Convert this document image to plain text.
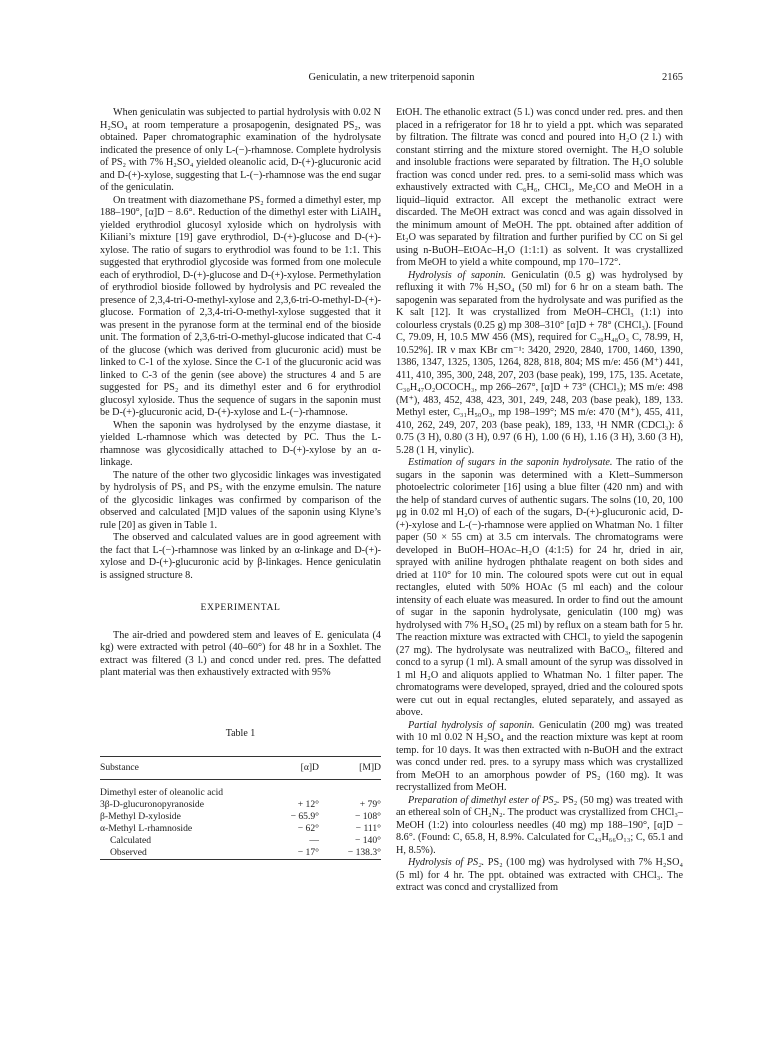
Geniculatin, a new triterpenoid saponin	2165

When geniculatin was subjected to partial hydrolysis with 0.02 N H₂SO₄ at room temperature a prosapogenin, designated PS₂, was obtained. Paper chromatographic examination of the hydrolysate indicated the presence of only L-(−)-rhamnose. Complete hydrolysis of PS₂ with 7% H₂SO₄ yielded oleanolic acid, D-(+)-glucuronic acid and D-(+)-xylose, suggesting that L-(−)-rhamnose was the end sugar of the geniculatin.

On treatment with diazomethane PS₂ formed a dimethyl ester, mp 188–190°, [α]D − 8.6°. Reduction of the dimethyl ester with LiAlH₄ yielded erythrodiol glucosyl xyloside which on hydrolysis with Kiliani’s mixture [19] gave erythrodiol, D-(+)-glucose and D-(+)-xylose. The ratio of sugars to erythrodiol was found to be 1:1. This suggested that erythrodiol glycoside was formed from one molecule each of erythrodiol, D-(+)-glucose and D-(+)-xylose. Permethylation of erythrodiol bioside followed by hydrolysis and PC revealed the presence of 2,3,4-tri-O-methyl-xylose and 2,3,6-tri-O-methyl-D-(+)-glucose. Formation of 2,3,4-tri-O-methyl-xylose suggested that it was present in the pyranose form at the terminal end of the bioside unit. The formation of 2,3,6-tri-O-methyl-glucose indicated that C-4 of the glucose (which was derived from glucuronic acid) must be linked to C-1 of the xylose. Since the C-1 of the glucuronic acid was linked to C-3 of the genin (see above) the structures 4 and 5 are suggested for PS₂ and its dimethyl ester and 6 for erythrodiol glucosyl xyloside. Thus the sequence of sugars in the saponin must be D-(+)-glucuronic acid, D-(+)-xylose and L-(−)-rhamnose.

When the saponin was hydrolysed by the enzyme diastase, it yielded L-rhamnose which was detected by PC. Thus the L-rhamnose was glycosidically attached to D-(+)-xylose by an α-linkage.

The nature of the other two glycosidic linkages was investigated by hydrolysis of PS₁ and PS₂ with the enzyme emulsin. The nature of the glycosidic linkages was confirmed by comparison of the observed and calculated [M]D values of the saponin using Klyne’s rule [20] as given in Table 1.

The observed and calculated values are in good agreement with the fact that L-(−)-rhamnose was linked by an α-linkage and D-(+)-xylose and D-(+)-glucuronic acid by β-linkages. Hence geniculatin is assigned structure 8.

EXPERIMENTAL

The air-dried and powdered stem and leaves of E. geniculata (4 kg) were extracted with petrol (40–60°) for 48 hr in a Soxhlet. The extract was filtered (3 l.) and concd under red. pres. The defatted plant material was then exhaustively extracted with 95%

Table 1
Substance	[α]D	[M]D
Dimethyl ester of oleanolic acid		
3β-D-glucuronopyranoside	+ 12°	+ 79°
β-Methyl D-xyloside	− 65.9°	− 108°
α-Methyl L-rhamnoside	− 62°	− 111°
Calculated	—	− 140°
Observed	− 17°	− 138.3°

EtOH. The ethanolic extract (5 l.) was concd under red. pres. and then placed in a refrigerator for 18 hr to yield a ppt. which was separated by filtration. The filtrate was concd and poured into H₂O (2 l.) with constant stirring and the mixture stored overnight. The H₂O soluble and insoluble fractions were separated by filtration. The H₂O soluble fraction was concd under red. pres. to a semi-solid mass which was exhaustively extracted with C₆H₆, CHCl₃, Me₂CO and MeOH in a liquid–liquid extractor. All except the methanolic extract were discarded. The MeOH extract was concd and was again dissolved in the minimum amount of MeOH. The ppt. obtained after addition of Et₂O was separated by filtration and further purified by CC on Si gel using n-BuOH–EtOAc–H₂O (1:1:1) as solvent. It was crystallized from MeOH to yield a white compound, mp 170–172°.

Hydrolysis of saponin. Geniculatin (0.5 g) was hydrolysed by refluxing it with 7% H₂SO₄ (50 ml) for 6 hr on a steam bath. The sapogenin was separated from the hydrolysate and was purified as the K salt [12]. It was crystallized from MeOH–CHCl₃ (1:1) into colourless crystals (0.25 g) mp 308–310° [α]D + 78° (CHCl₃). [Found C, 79.09, H, 10.5 MW 456 (MS), required for C₃₀H₄₈O₃ C, 78.99, H, 10.52%]. IR ν max KBr cm⁻¹: 3420, 2920, 2840, 1700, 1460, 1390, 1386, 1347, 1325, 1305, 1264, 828, 818, 804; MS m/e: 456 (M⁺) 441, 411, 410, 395, 300, 248, 207, 203 (base peak), 199, 175, 135. Acetate, C₃₀H₄₇O₂OCOCH₃, mp 266–267°, [α]D + 73° (CHCl₃); MS m/e: 498 (M⁺), 483, 452, 438, 423, 301, 249, 248, 203 (base peak), 189, 133. Methyl ester, C₃₁H₅₀O₃, mp 198–199°; MS m/e: 470 (M⁺), 455, 411, 410, 262, 249, 207, 203 (base peak), 189, 133, ¹H NMR (CDCl₃): δ 0.75 (3 H), 0.80 (3 H), 0.97 (6 H), 1.00 (6 H), 1.16 (3 H), 3.60 (3 H), 5.28 (1 H, vinylic).

Estimation of sugars in the saponin hydrolysate. The ratio of the sugars in the saponin was determined with a Klett–Summerson photoelectric colorimeter [16] using a blue filter (420 nm) and with the help of standard curves of authentic sugars. The solns (10, 20, 100 μg in 0.02 ml H₂O) of each of the sugars, D-(+)-glucuronic acid, D-(+)-xylose and L-(−)-rhamnose were applied on Whatman No. 1 filter paper (50 × 55 cm) at 3.5 cm intervals. The chromatograms were developed in BuOH–HOAc–H₂O (4:1:5) for 24 hr, dried in air, sprayed with aniline hydrogen phthalate reagent on both sides and dried at 110° for 10 min. The coloured spots were cut out in equal rectangles, eluted with 50% HOAc (5 ml each) and the colour intensity of each eluate was measured. In order to find out the amount of sugar in the saponin hydrolysate, geniculatin (100 mg) was hydrolysed with 7% H₂SO₄ (25 ml) by reflux on a steam bath for 5 hr. The reaction mixture was extracted with CHCl₃ to yield the sapogenin (27 mg). The hydrolysate was neutralized with BaCO₃, filtered and concd to a syrup (1 ml). A small amount of the syrup was dissolved in 1 ml H₂O and aliquots applied to Whatman No. 1 filter paper. The chromatograms were developed, sprayed, dried and the coloured spots were cut out in equal rectangles, eluted separately, and assayed as above.

Partial hydrolysis of saponin. Geniculatin (200 mg) was treated with 10 ml 0.02 N H₂SO₄ and the reaction mixture was kept at room temp. for 10 days. It was then extracted with n-BuOH and the extract was concd under red. pres. to a syrupy mass which was crystallized from MeOH to an amorphous powder of PS₂ (160 mg). It was recrystallized from MeOH.

Preparation of dimethyl ester of PS₂. PS₂ (50 mg) was treated with an ethereal soln of CH₂N₂. The product was crystallized from CHCl₃–MeOH (1:2) into colourless needles (40 mg) mp 188–190°, [α]D − 8.6°. (Found: C, 65.8, H, 8.9%. Calculated for C₄₃H₆₆O₁₃; C, 65.1 and H, 8.5%).

Hydrolysis of PS₂. PS₂ (100 mg) was hydrolysed with 7% H₂SO₄ (5 ml) for 4 hr. The ppt. obtained was extracted with CHCl₃. The extract was concd and crystallized from
